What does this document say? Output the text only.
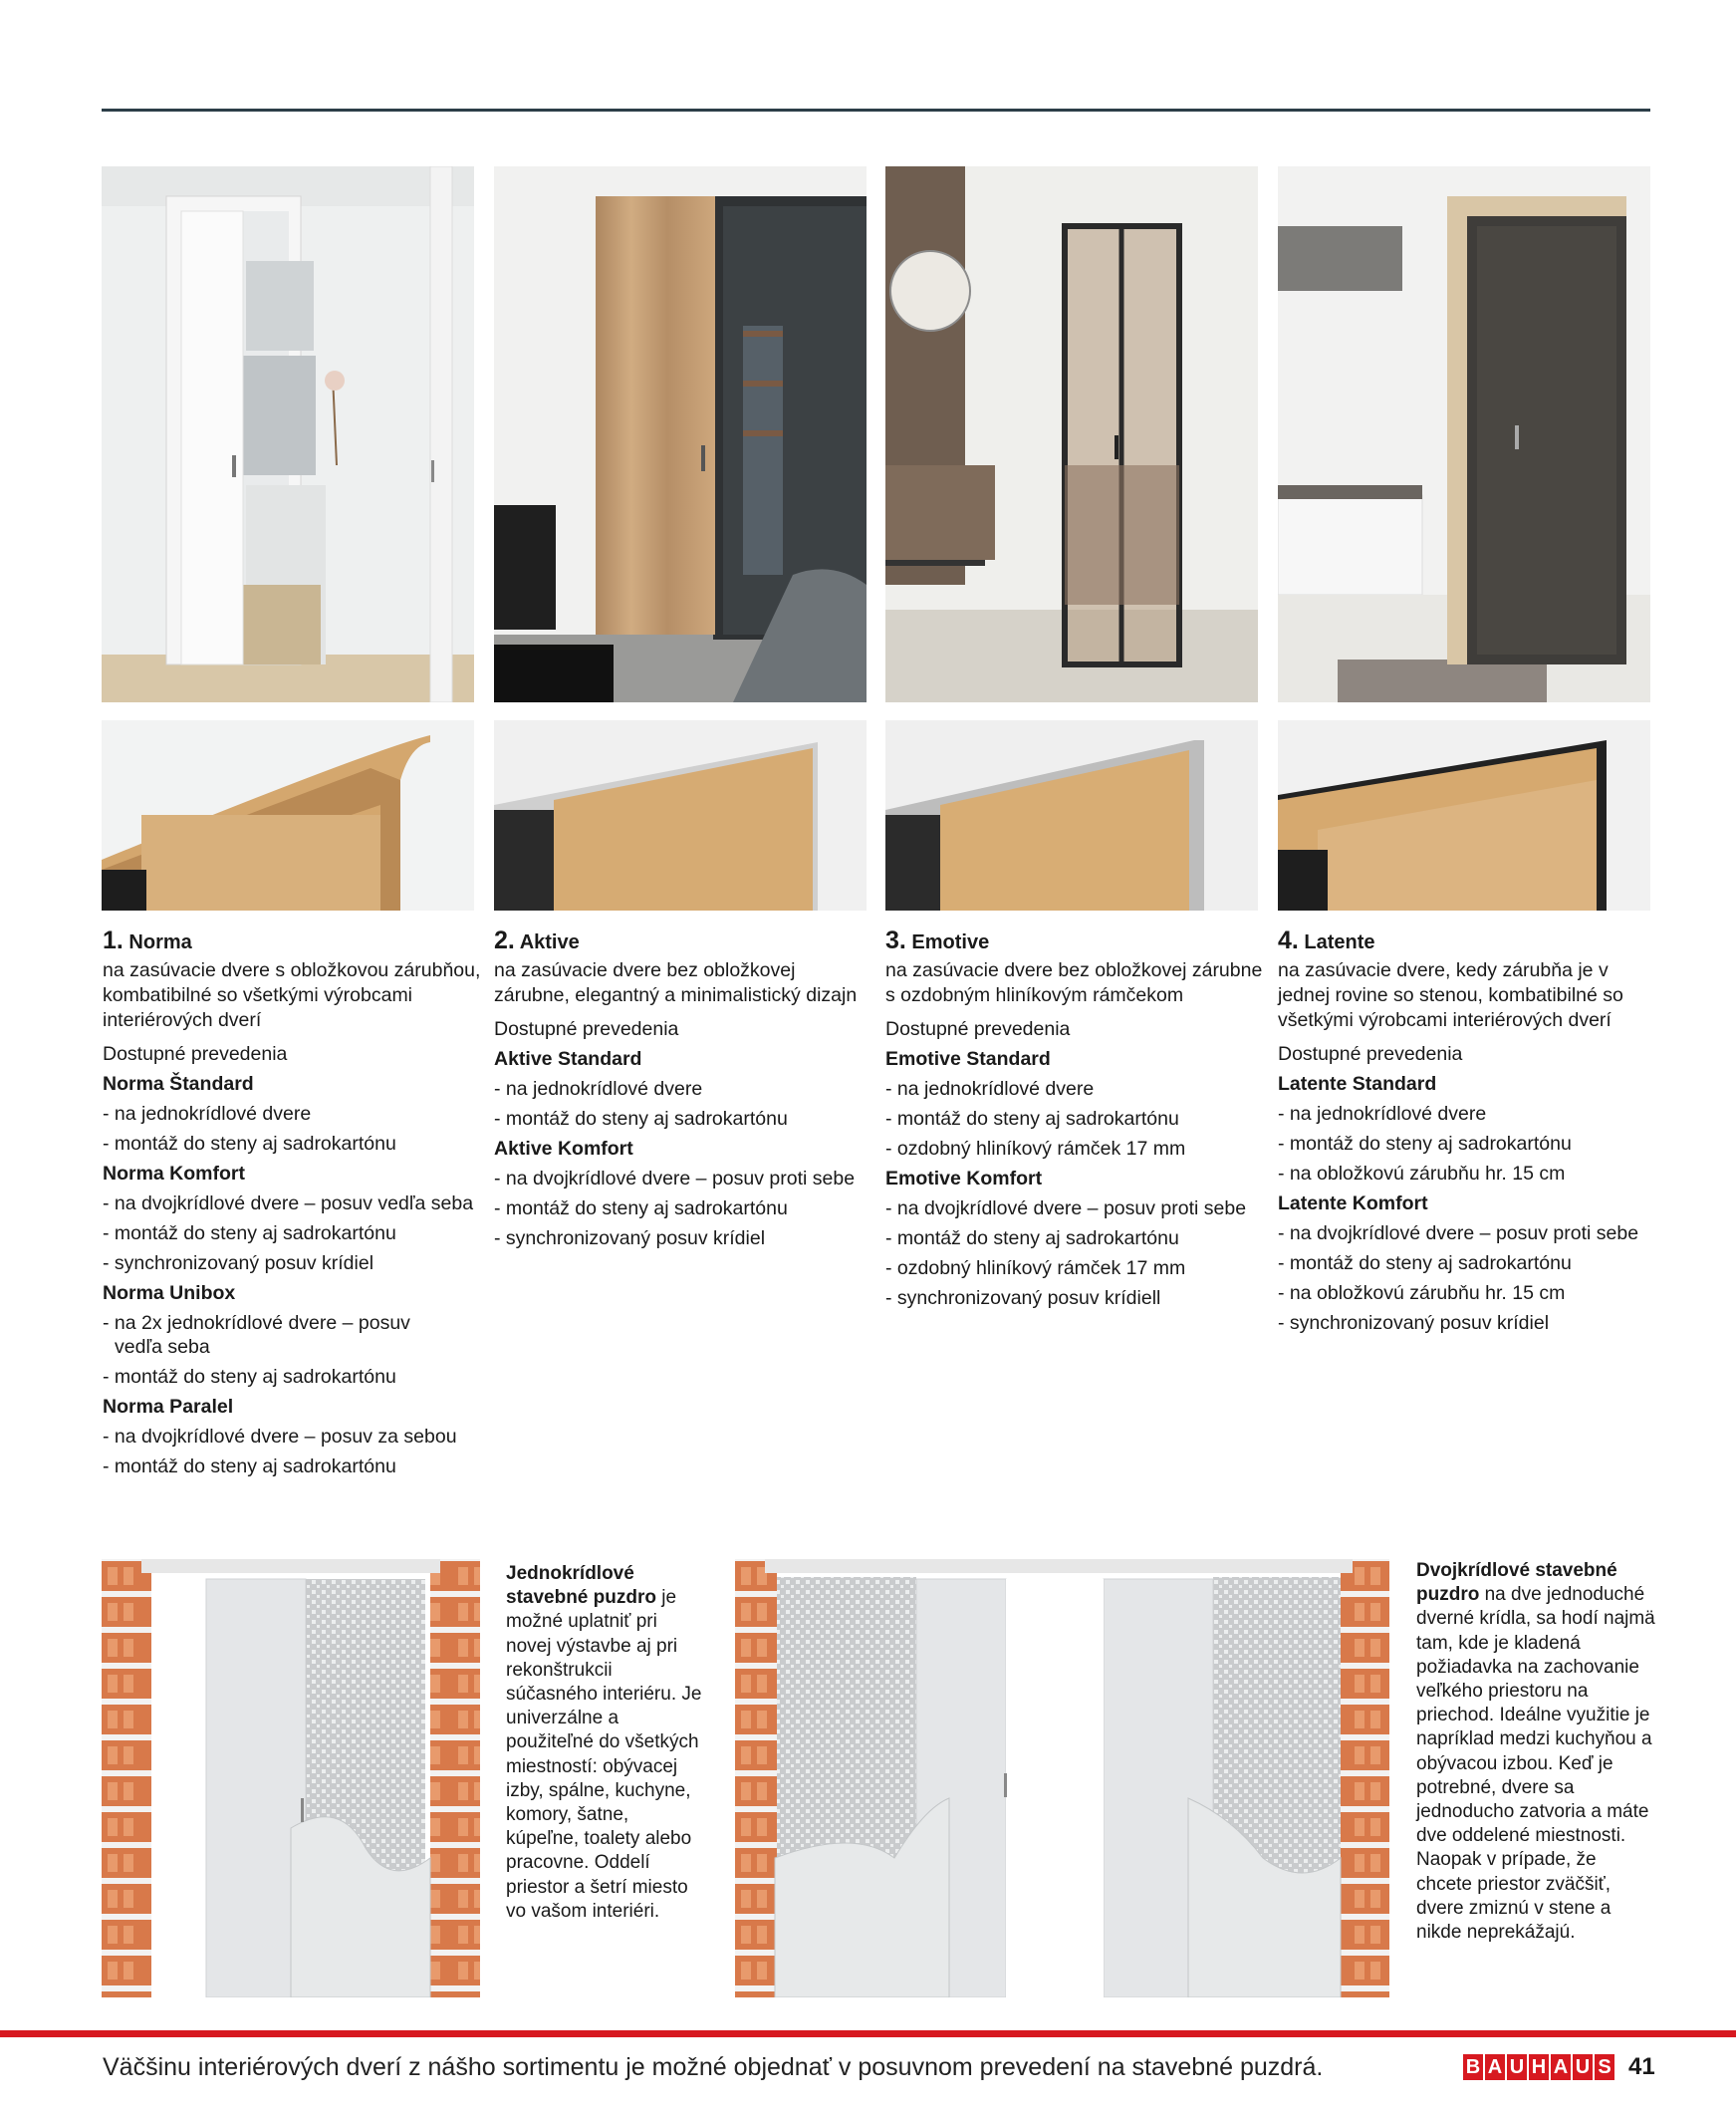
1. Norma
na zasúvacie dvere s obložkovou zárubňou, kombatibilné so všetkými výrobcami interiérových dverí
Dostupné prevedenia
Norma Štandard
- na jednokrídlové dvere
- montáž do steny aj sadrokartónu
Norma Komfort
- na dvojkrídlové dvere – posuv vedľa seba
- montáž do steny aj sadrokartónu
- synchronizovaný posuv krídiel
Norma Unibox
- na 2x jednokrídlové dvere – posuv vedľa seba
- montáž do steny aj sadrokartónu
Norma Paralel
- na dvojkrídlové dvere – posuv za sebou
- montáž do steny aj sadrokartónu
2. Aktive
na zasúvacie dvere bez obložkovej zárubne, elegantný a minimalistický dizajn
Dostupné prevedenia
Aktive Standard
- na jednokrídlové dvere
- montáž do steny aj sadrokartónu
Aktive Komfort
- na dvojkrídlové dvere – posuv proti sebe
- montáž do steny aj sadrokartónu
- synchronizovaný posuv krídiel
3. Emotive
na zasúvacie dvere bez obložkovej zárubne s ozdobným hliníkovým rámčekom
Dostupné prevedenia
Emotive Standard
- na jednokrídlové dvere
- montáž do steny aj sadrokartónu
- ozdobný hliníkový rámček 17 mm
Emotive Komfort
- na dvojkrídlové dvere – posuv proti sebe
- montáž do steny aj sadrokartónu
- ozdobný hliníkový rámček 17 mm
- synchronizovaný posuv krídiell
4. Latente
na zasúvacie dvere, kedy zárubňa je v jednej rovine so stenou, kombatibilné so všetkými výrobcami interiérových dverí
Dostupné prevedenia
Latente Standard
- na jednokrídlové dvere
- montáž do steny aj sadrokartónu
- na obložkovú zárubňu hr. 15 cm
Latente Komfort
- na dvojkrídlové dvere – posuv proti sebe
- montáž do steny aj sadrokartónu
- na obložkovú zárubňu hr. 15 cm
- synchronizovaný posuv krídiel
Jednokrídlové stavebné puzdro je možné uplatniť pri novej výstavbe aj pri rekonštrukcii súčasného interiéru. Je univerzálne a použiteľné do všetkých miestností: obývacej izby, spálne, kuchyne, komory, šatne, kúpeľne, toalety alebo pracovne. Oddelí priestor a šetrí miesto vo vašom interiéri.
Dvojkrídlové stavebné puzdro na dve jednoduché dverné krídla, sa hodí najmä tam, kde je kladená požiadavka na zachovanie veľkého priestoru na priechod. Ideálne využitie je napríklad medzi kuchyňou a obývacou izbou. Keď je potrebné, dvere sa jednoducho zatvoria a máte dve oddelené miestnosti. Naopak v prípade, že chcete priestor zväčšiť, dvere zmiznú v stene a nikde neprekážajú.
Väčšinu interiérových dverí z nášho sortimentu je možné objednať v posuvnom prevedení na stavebné puzdrá.	B A U H A U S 41
